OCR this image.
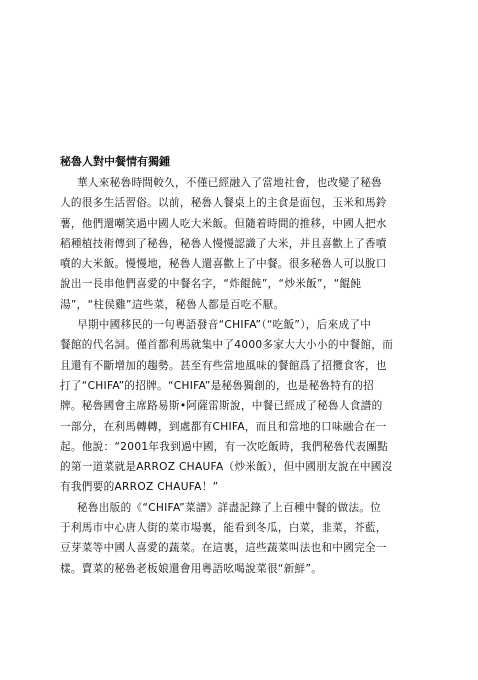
秘魯人對中餐情有獨鍾
華人來秘魯時間較久，不僅已經融入了當地社會，也改變了秘魯
人的很多生活習俗。以前，秘魯人餐桌上的主食是面包，玉米和馬鈴
薯，他們還嘲笑過中國人吃大米飯。但隨着時間的推移，中國人把水
稻種植技術傳到了秘魯，秘魯人慢慢認識了大米，并且喜歡上了香噴
噴的大米飯。慢慢地，秘魯人還喜歡上了中餐。很多秘魯人可以脫口
說出一長串他們喜愛的中餐名字，“炸餛飩”，“炒米飯”，“餛飩
湯”，“柱侯雞”這些菜，秘魯人都是百吃不厭。
早期中國移民的一句粵語發音“CHIFA”（“吃飯”），后來成了中
餐館的代名詞。僅首都利馬就集中了4000多家大大小小的中餐館，而
且還有不斷增加的趨勢。甚至有些當地風味的餐館爲了招攬食客，也
打了“CHIFA”的招牌。“CHIFA”是秘魯獨創的，也是秘魯特有的招
牌。秘魯國會主席路易斯•阿薩雷斯說，中餐已經成了秘魯人食譜的
一部分，在利馬轉轉，到處都有CHIFA，而且和當地的口味融合在一
起。他說：“2001年我到過中國，有一次吃飯時，我們秘魯代表團點
的第一道菜就是ARROZ CHAUFA（炒米飯），但中國朋友說在中國沒
有我們要的ARROZ CHAUFA！”
秘魯出版的《“CHIFA”菜譜》詳盡記錄了上百種中餐的做法。位
于利馬市中心唐人街的菜市場裏，能看到冬瓜，白菜，韭菜，芥藍，
豆芽菜等中國人喜愛的蔬菜。在這裏，這些蔬菜叫法也和中國完全一
樣。賣菜的秘魯老板娘還會用粵語吆喝說菜很“新鮮”。
